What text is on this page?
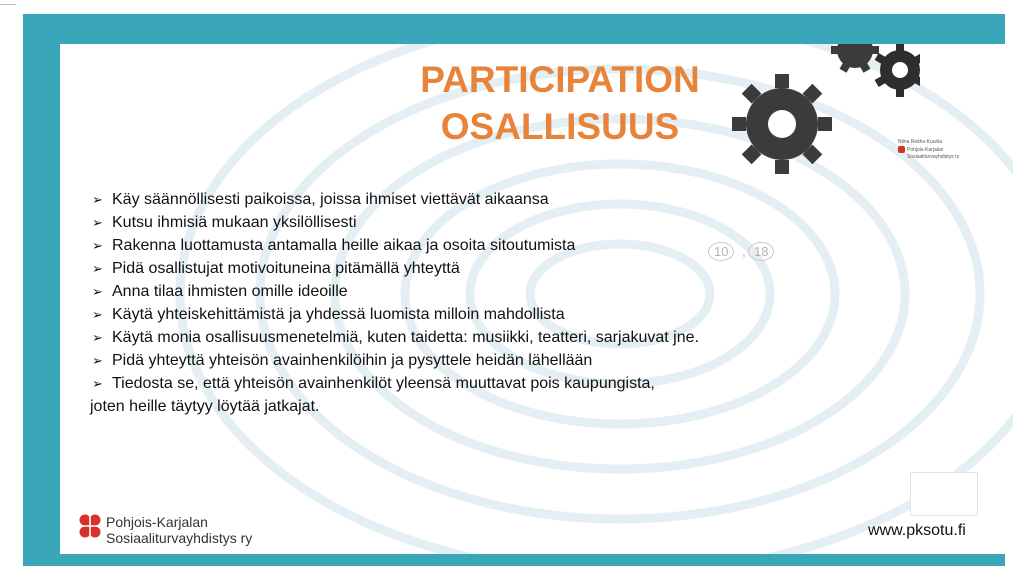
PARTICIPATION
OSALLISUUS	Niina Reiths-Kuurila
Pohjois-Karjalan
Sosiaaliturvayhdistys ry
10 , 18
➢ Käy säännöllisesti paikoissa, joissa ihmiset viettävät aikaansa
➢ Kutsu ihmisiä mukaan yksilöllisesti
➢ Rakenna luottamusta antamalla heille aikaa ja osoita sitoutumista
➢ Pidä osallistujat motivoituneina pitämällä yhteyttä
➢ Anna tilaa ihmisten omille ideoille
➢ Käytä yhteiskehittämistä ja yhdessä luomista milloin mahdollista
➢ Käytä monia osallisuusmenetelmiä, kuten taidetta: musiikki, teatteri, sarjakuvat jne.
➢ Pidä yhteyttä yhteisön avainhenkilöihin ja pysyttele heidän lähellään
➢ Tiedosta se, että yhteisön avainhenkilöt yleensä muuttavat pois kaupungista,
joten heille täytyy löytää jatkajat.
Pohjois-Karjalan
Sosiaaliturvayhdistys ry	www.pksotu.fi
